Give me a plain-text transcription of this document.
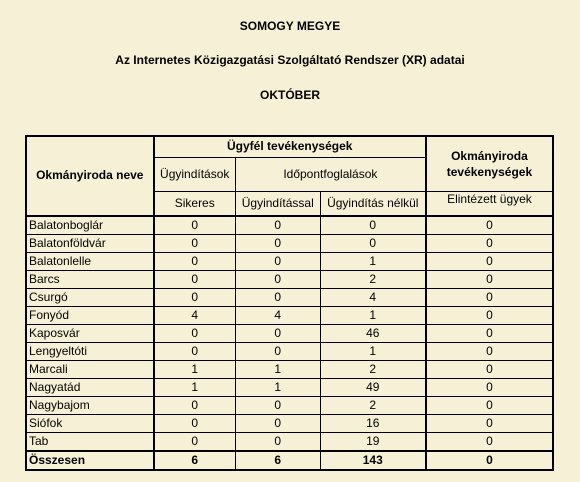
SOMOGY MEGYE
Az Internetes Közigazgatási Szolgáltató Rendszer (XR) adatai
OKTÓBER
Okmányiroda neve	Ügyfél tevékenységek			Okmányiroda tevékenységek
	Ügyindítások	Időpontfoglalások		
	Sikeres	Ügyindítással	Ügyindítás nélkül	Elintézett ügyek
Balatonboglár	0	0	0	0
Balatonföldvár	0	0	0	0
Balatonlelle	0	0	1	0
Barcs	0	0	2	0
Csurgó	0	0	4	0
Fonyód	4	4	1	0
Kaposvár	0	0	46	0
Lengyeltóti	0	0	1	0
Marcali	1	1	2	0
Nagyatád	1	1	49	0
Nagybajom	0	0	2	0
Siófok	0	0	16	0
Tab	0	0	19	0
Összesen	6	6	143	0
